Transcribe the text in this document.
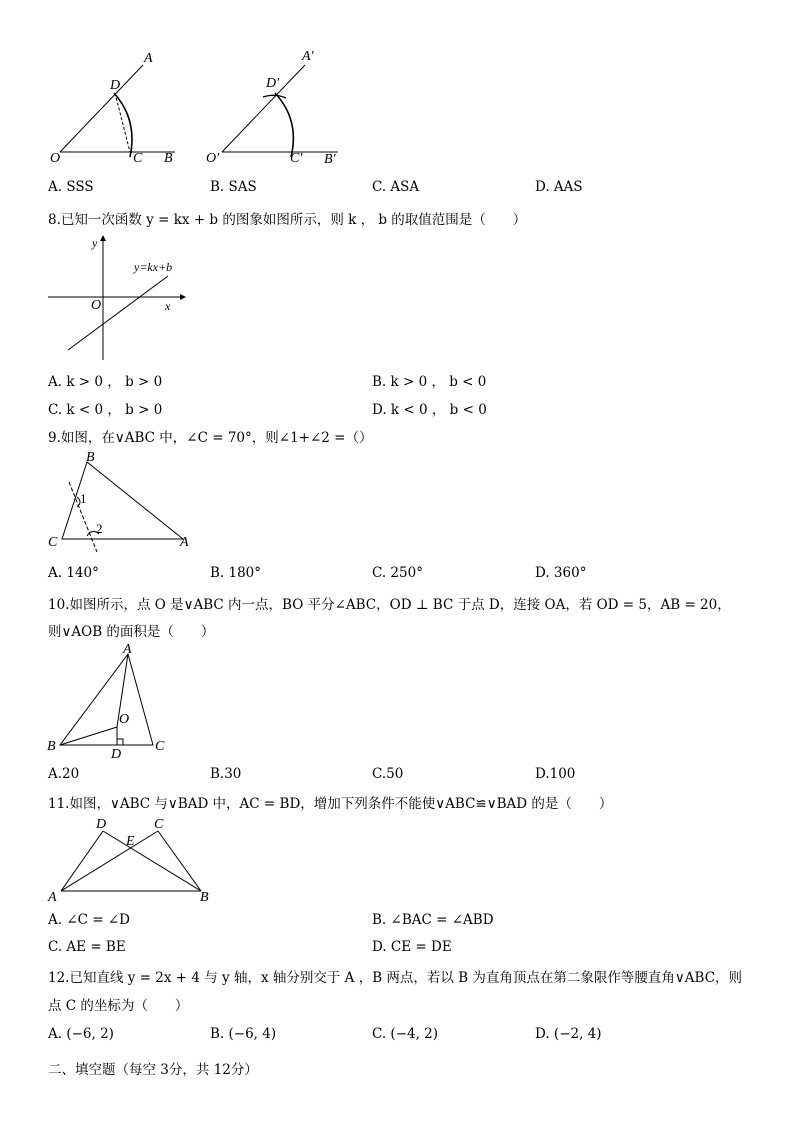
A
D
O	C B
A′
D′
O′	C′ B′
A. SSS	B. SAS	C. ASA	D. AAS
8.已知一次函数 y = kx + b 的图象如图所示，则 k ， b 的取值范围是（　　）
y
x
O
y=kx+b
A. k > 0 ， b > 0	B. k > 0 ， b < 0
C. k < 0 ， b > 0	D. k < 0 ， b < 0
9.如图，在∨ABC 中，∠C = 70°，则∠1+∠2 =（）
B
C	A
1
2
A. 140°	B. 180°	C. 250°	D. 360°
10.如图所示，点 O 是∨ABC 内一点，BO 平分∠ABC，OD ⊥ BC 于点 D，连接 OA，若 OD = 5，AB = 20，
则∨AOB 的面积是（　　）
A
O
B
D
C
A.20	B.30	C.50	D.100
11.如图，∨ABC 与∨BAD 中，AC = BD，增加下列条件不能使∨ABC≌∨BAD 的是（　　）
D	C
E
A	B
A. ∠C = ∠D	B. ∠BAC = ∠ABD
C. AE = BE	D. CE = DE
12.已知直线 y = 2x + 4 与 y 轴，x 轴分别交于 A ，B 两点，若以 B 为直角顶点在第二象限作等腰直角∨ABC，则
点 C 的坐标为（　　）
A. (−6, 2)	B. (−6, 4)	C. (−4, 2)	D. (−2, 4)
二、填空题（每空 3分，共 12分）
